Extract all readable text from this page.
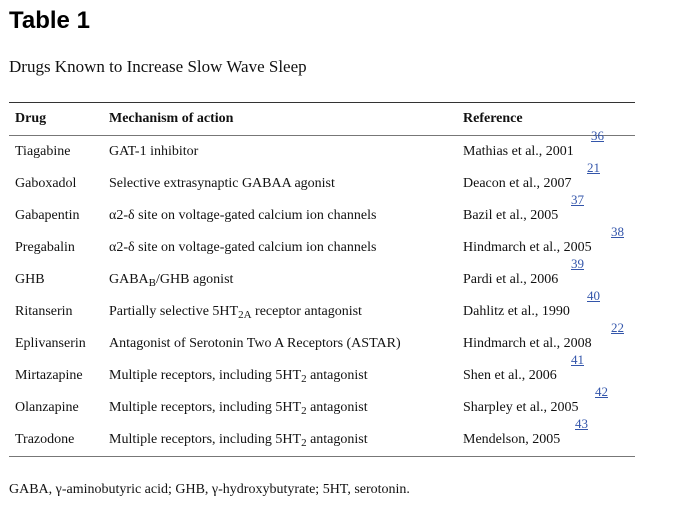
Table 1

Drugs Known to Increase Slow Wave Sleep

Drug	Mechanism of action	Reference
Tiagabine	GAT-1 inhibitor	Mathias et al., 2001
36

Gaboxadol	Selective extrasynaptic GABAA agonist	Deacon et al., 2007
21

Gabapentin	α2-δ site on voltage-gated calcium ion channels	Bazil et al., 2005
37

Pregabalin	α2-δ site on voltage-gated calcium ion channels	Hindmarch et al., 2005
38

GHB	$GABA_B$/GHB agonist	Pardi et al., 2006
39

Ritanserin	Partially selective $5HT_{2A}$ receptor antagonist	Dahlitz et al., 1990
40

Eplivanserin	Antagonist of Serotonin Two A Receptors (ASTAR)	Hindmarch et al., 2008
22

Mirtazapine	Multiple receptors, including $5HT_2$ antagonist	Shen et al., 2006
41

Olanzapine	Multiple receptors, including $5HT_2$ antagonist	Sharpley et al., 2005
42

Trazodone	Multiple receptors, including $5HT_2$ antagonist	Mendelson, 2005
43

GABA, γ-aminobutyric acid; GHB, γ-hydroxybutyrate; 5HT, serotonin.
